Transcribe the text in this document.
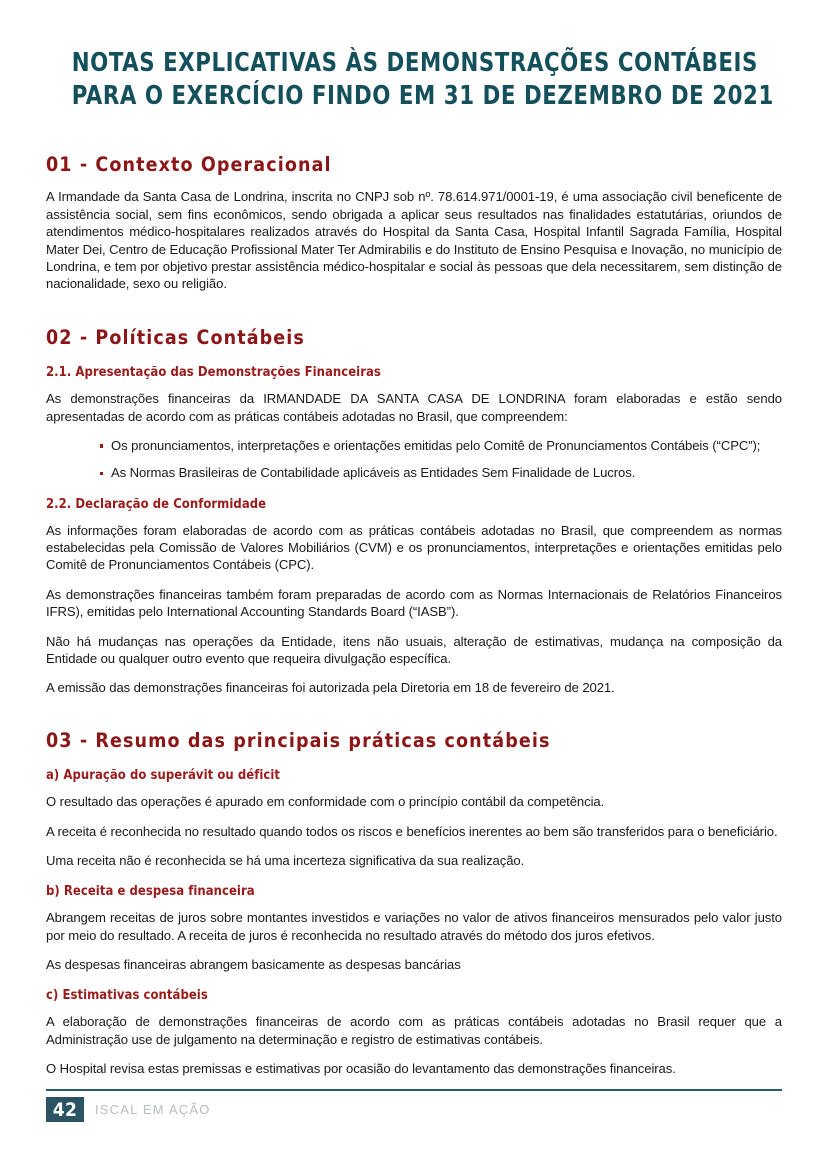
NOTAS EXPLICATIVAS ÀS DEMONSTRAÇÕES CONTÁBEIS
PARA O EXERCÍCIO FINDO EM 31 DE DEZEMBRO DE 2021
01 - Contexto Operacional

A Irmandade da Santa Casa de Londrina, inscrita no CNPJ sob nº. 78.614.971/0001-19, é uma associação civil beneficente de assistência social, sem fins econômicos, sendo obrigada a aplicar seus resultados nas finalidades estatutárias, oriundos de atendimentos médico-hospitalares realizados através do Hospital da Santa Casa, Hospital Infantil Sagrada Família, Hospital Mater Dei, Centro de Educação Profissional Mater Ter Admirabilis e do Instituto de Ensino Pesquisa e Inovação, no município de Londrina, e tem por objetivo prestar assistência médico-hospitalar e social às pessoas que dela necessitarem, sem distinção de nacionalidade, sexo ou religião.

02 - Políticas Contábeis
2.1. Apresentação das Demonstrações Financeiras

As demonstrações financeiras da IRMANDADE DA SANTA CASA DE LONDRINA foram elaboradas e estão sendo apresentadas de acordo com as práticas contábeis adotadas no Brasil, que compreendem:

Os pronunciamentos, interpretações e orientações emitidas pelo Comitê de Pronunciamentos Contábeis (“CPC”);
As Normas Brasileiras de Contabilidade aplicáveis as Entidades Sem Finalidade de Lucros.
2.2. Declaração de Conformidade

As informações foram elaboradas de acordo com as práticas contábeis adotadas no Brasil, que compreendem as normas estabelecidas pela Comissão de Valores Mobiliários (CVM) e os pronunciamentos, interpretações e orientações emitidas pelo Comitê de Pronunciamentos Contábeis (CPC).

As demonstrações financeiras também foram preparadas de acordo com as Normas Internacionais de Relatórios Financeiros IFRS), emitidas pelo International Accounting Standards Board (“IASB”).

Não há mudanças nas operações da Entidade, itens não usuais, alteração de estimativas, mudança na composição da Entidade ou qualquer outro evento que requeira divulgação específica.

A emissão das demonstrações financeiras foi autorizada pela Diretoria em 18 de fevereiro de 2021.

03 - Resumo das principais práticas contábeis
a) Apuração do superávit ou déficit

O resultado das operações é apurado em conformidade com o princípio contábil da competência.

A receita é reconhecida no resultado quando todos os riscos e benefícios inerentes ao bem são transferidos para o beneficiário.

Uma receita não é reconhecida se há uma incerteza significativa da sua realização.

b) Receita e despesa financeira

Abrangem receitas de juros sobre montantes investidos e variações no valor de ativos financeiros mensurados pelo valor justo por meio do resultado. A receita de juros é reconhecida no resultado através do método dos juros efetivos.

As despesas financeiras abrangem basicamente as despesas bancárias

c) Estimativas contábeis

A elaboração de demonstrações financeiras de acordo com as práticas contábeis adotadas no Brasil requer que a Administração use de julgamento na determinação e registro de estimativas contábeis.

O Hospital revisa estas premissas e estimativas por ocasião do levantamento das demonstrações financeiras.

42	ISCAL EM AÇÃO
